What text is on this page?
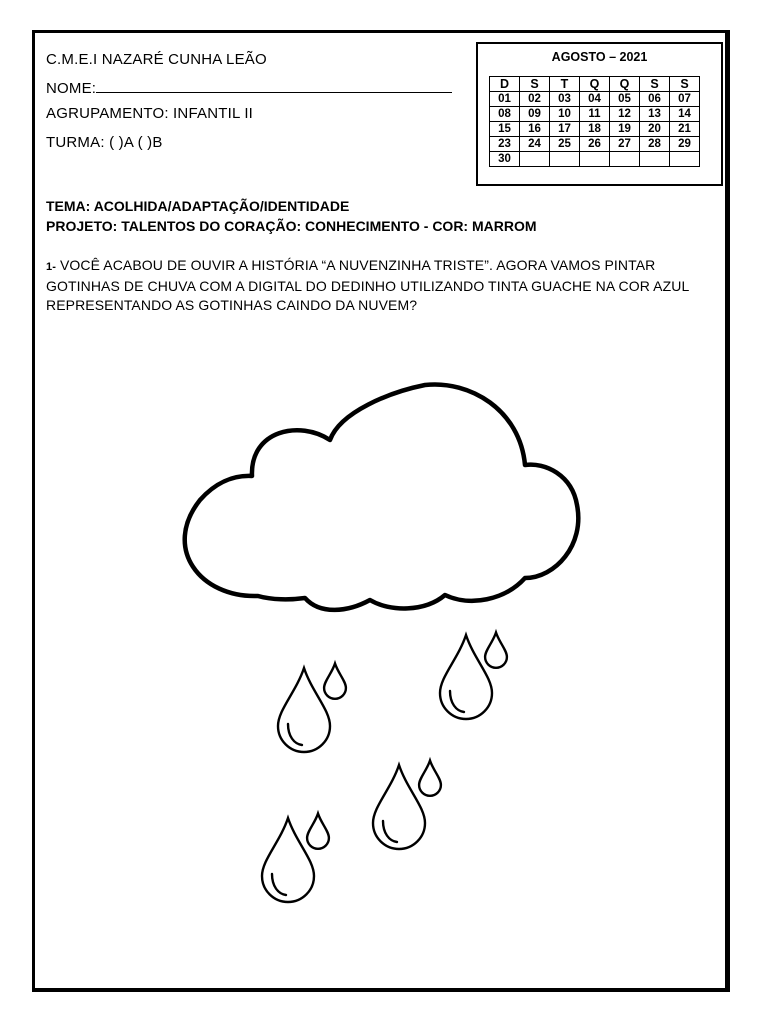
C.M.E.I NAZARÉ CUNHA LEÃO
NOME:
AGRUPAMENTO: INFANTIL II
TURMA: ( )A ( )B
AGOSTO – 2021
D	S	T	Q	Q	S	S
01	02	03	04	05	06	07
08	09	10	11	12	13	14
15	16	17	18	19	20	21
23	24	25	26	27	28	29
30						
TEMA: ACOLHIDA/ADAPTAÇÃO/IDENTIDADE
PROJETO: TALENTOS DO CORAÇÃO: CONHECIMENTO - COR: MARROM
1- VOCÊ ACABOU DE OUVIR A HISTÓRIA “A NUVENZINHA TRISTE”. AGORA VAMOS PINTAR GOTINHAS DE CHUVA COM A DIGITAL DO DEDINHO UTILIZANDO TINTA GUACHE NA COR AZUL REPRESENTANDO AS GOTINHAS CAINDO DA NUVEM?
